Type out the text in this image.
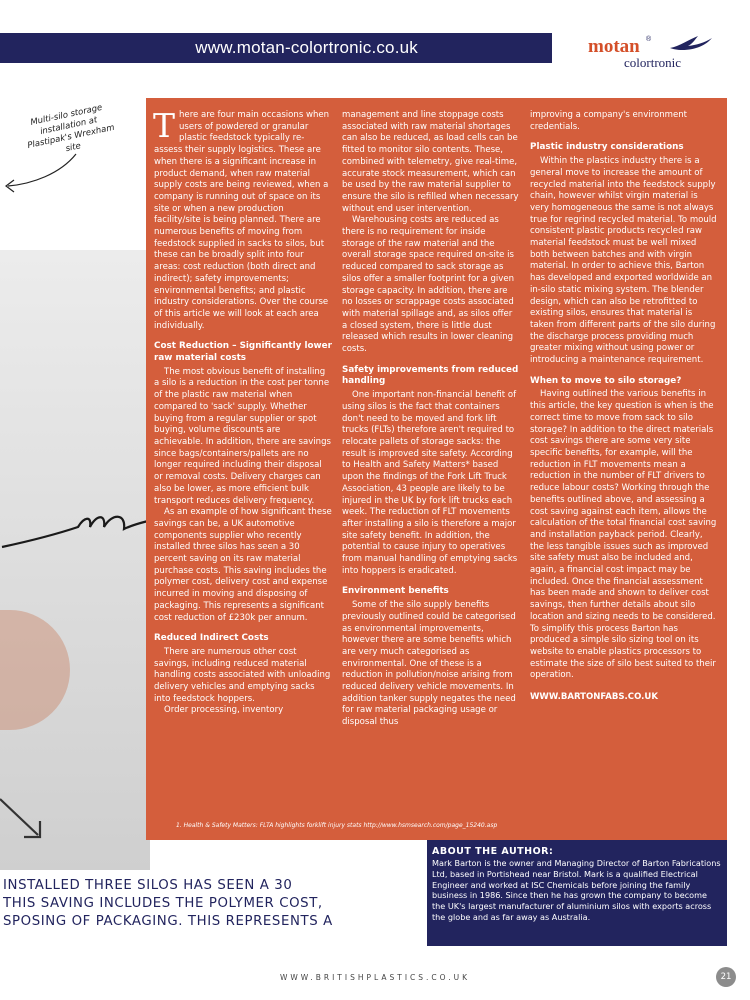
www.motan-colortronic.co.uk	motan ®
colortronic
Multi-silo storage installation at Plastipak's Wrexham site

There are four main occasions when users of powdered or granular plastic feedstock typically re-assess their supply logistics. These are when there is a significant increase in product demand, when raw material supply costs are being reviewed, when a company is running out of space on its site or when a new production facility/site is being planned. There are numerous benefits of moving from feedstock supplied in sacks to silos, but these can be broadly split into four areas: cost reduction (both direct and indirect); safety improvements; environmental benefits; and plastic industry considerations. Over the course of this article we will look at each area individually.

Cost Reduction – Significantly lower raw material costs

The most obvious benefit of installing a silo is a reduction in the cost per tonne of the plastic raw material when compared to 'sack' supply. Whether buying from a regular supplier or spot buying, volume discounts are achievable. In addition, there are savings since bags/containers/pallets are no longer required including their disposal or removal costs. Delivery charges can also be lower, as more efficient bulk transport reduces delivery frequency.

As an example of how significant these savings can be, a UK automotive components supplier who recently installed three silos has seen a 30 percent saving on its raw material purchase costs. This saving includes the polymer cost, delivery cost and expense incurred in moving and disposing of packaging. This represents a significant cost reduction of £230k per annum.

Reduced Indirect Costs

There are numerous other cost savings, including reduced material handling costs associated with unloading delivery vehicles and emptying sacks into feedstock hoppers.

Order processing, inventory

management and line stoppage costs associated with raw material shortages can also be reduced, as load cells can be fitted to monitor silo contents. These, combined with telemetry, give real-time, accurate stock measurement, which can be used by the raw material supplier to ensure the silo is refilled when necessary without end user intervention.

Warehousing costs are reduced as there is no requirement for inside storage of the raw material and the overall storage space required on-site is reduced compared to sack storage as silos offer a smaller footprint for a given storage capacity. In addition, there are no losses or scrappage costs associated with material spillage and, as silos offer a closed system, there is little dust released which results in lower cleaning costs.

Safety improvements from reduced handling

One important non-financial benefit of using silos is the fact that containers don't need to be moved and fork lift trucks (FLTs) therefore aren't required to relocate pallets of storage sacks: the result is improved site safety. According to Health and Safety Matters* based upon the findings of the Fork Lift Truck Association, 43 people are likely to be injured in the UK by fork lift trucks each week. The reduction of FLT movements after installing a silo is therefore a major site safety benefit. In addition, the potential to cause injury to operatives from manual handling of emptying sacks into hoppers is eradicated.

Environment benefits

Some of the silo supply benefits previously outlined could be categorised as environmental improvements, however there are some benefits which are very much categorised as environmental. One of these is a reduction in pollution/noise arising from reduced delivery vehicle movements. In addition tanker supply negates the need for raw material packaging usage or disposal thus

improving a company's environment credentials.

Plastic industry considerations

Within the plastics industry there is a general move to increase the amount of recycled material into the feedstock supply chain, however whilst virgin material is very homogeneous the same is not always true for regrind recycled material. To mould consistent plastic products recycled raw material feedstock must be well mixed both between batches and with virgin material. In order to achieve this, Barton has developed and exported worldwide an in-silo static mixing system. The blender design, which can also be retrofitted to existing silos, ensures that material is taken from different parts of the silo during the discharge process providing much greater mixing without using power or introducing a maintenance requirement.

When to move to silo storage?

Having outlined the various benefits in this article, the key question is when is the correct time to move from sack to silo storage? In addition to the direct materials cost savings there are some very site specific benefits, for example, will the reduction in FLT movements mean a reduction in the number of FLT drivers to reduce labour costs? Working through the benefits outlined above, and assessing a cost saving against each item, allows the calculation of the total financial cost saving and installation payback period. Clearly, the less tangible issues such as improved site safety must also be included and, again, a financial cost impact may be included. Once the financial assessment has been made and shown to deliver cost savings, then further details about silo location and sizing needs to be considered. To simplify this process Barton has produced a simple silo sizing tool on its website to enable plastics processors to estimate the size of silo best suited to their operation.

WWW.BARTONFABS.CO.UK

1. Health & Safety Matters: FLTA highlights forklift injury stats http://www.hsmsearch.com/page_15240.asp
ABOUT THE AUTHOR:

Mark Barton is the owner and Managing Director of Barton Fabrications Ltd, based in Portishead near Bristol. Mark is a qualified Electrical Engineer and worked at ISC Chemicals before joining the family business in 1986. Since then he has grown the company to become the UK's largest manufacturer of aluminium silos with exports across the globe and as far away as Australia.

INSTALLED THREE SILOS HAS SEEN A 30

THIS SAVING INCLUDES THE POLYMER COST,

SPOSING OF PACKAGING. THIS REPRESENTS A

WWW.BRITISHPLASTICS.CO.UK	21
